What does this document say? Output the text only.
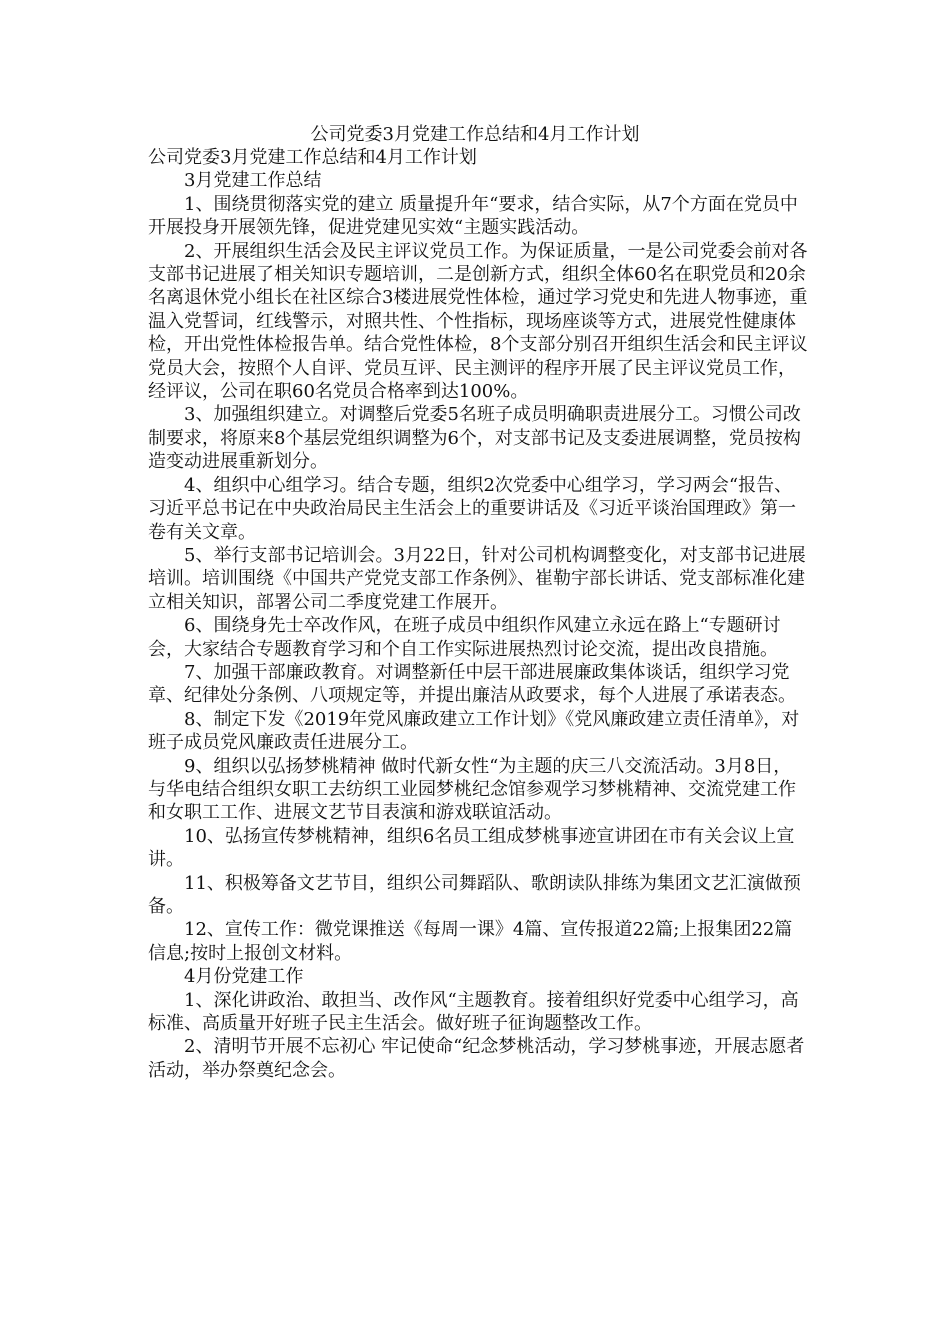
公司党委3月党建工作总结和4月工作计划

公司党委3月党建工作总结和4月工作计划

3月党建工作总结

1、围绕贯彻落实党的建立 质量提升年“要求，结合实际，从7个方面在党员中开展投身开展领先锋，促进党建见实效“主题实践活动。

2、开展组织生活会及民主评议党员工作。为保证质量，一是公司党委会前对各支部书记进展了相关知识专题培训，二是创新方式，组织全体60名在职党员和20余名离退休党小组长在社区综合3楼进展党性体检，通过学习党史和先进人物事迹，重温入党誓词，红线警示，对照共性、个性指标，现场座谈等方式，进展党性健康体检，开出党性体检报告单。结合党性体检，8个支部分别召开组织生活会和民主评议党员大会，按照个人自评、党员互评、民主测评的程序开展了民主评议党员工作，经评议，公司在职60名党员合格率到达100%。

3、加强组织建立。对调整后党委5名班子成员明确职责进展分工。习惯公司改制要求，将原来8个基层党组织调整为6个，对支部书记及支委进展调整，党员按构造变动进展重新划分。

4、组织中心组学习。结合专题，组织2次党委中心组学习，学习两会“报告、习近平总书记在中央政治局民主生活会上的重要讲话及《习近平谈治国理政》第一卷有关文章。

5、举行支部书记培训会。3月22日，针对公司机构调整变化，对支部书记进展培训。培训围绕《中国共产党党支部工作条例》、崔勒宇部长讲话、党支部标准化建立相关知识，部署公司二季度党建工作展开。

6、围绕身先士卒改作风，在班子成员中组织作风建立永远在路上“专题研讨会，大家结合专题教育学习和个自工作实际进展热烈讨论交流，提出改良措施。

7、加强干部廉政教育。对调整新任中层干部进展廉政集体谈话，组织学习党章、纪律处分条例、八项规定等，并提出廉洁从政要求，每个人进展了承诺表态。

8、制定下发《2019年党风廉政建立工作计划》《党风廉政建立责任清单》，对班子成员党风廉政责任进展分工。

9、组织以弘扬梦桃精神 做时代新女性“为主题的庆三八交流活动。3月8日，与华电结合组织女职工去纺织工业园梦桃纪念馆参观学习梦桃精神、交流党建工作和女职工工作、进展文艺节目表演和游戏联谊活动。

10、弘扬宣传梦桃精神，组织6名员工组成梦桃事迹宣讲团在市有关会议上宣讲。

11、积极筹备文艺节目，组织公司舞蹈队、歌朗读队排练为集团文艺汇演做预备。

12、宣传工作：微党课推送《每周一课》4篇、宣传报道22篇;上报集团22篇信息;按时上报创文材料。

4月份党建工作

1、深化讲政治、敢担当、改作风“主题教育。接着组织好党委中心组学习，高标准、高质量开好班子民主生活会。做好班子征询题整改工作。

2、清明节开展不忘初心 牢记使命“纪念梦桃活动，学习梦桃事迹，开展志愿者活动，举办祭奠纪念会。
